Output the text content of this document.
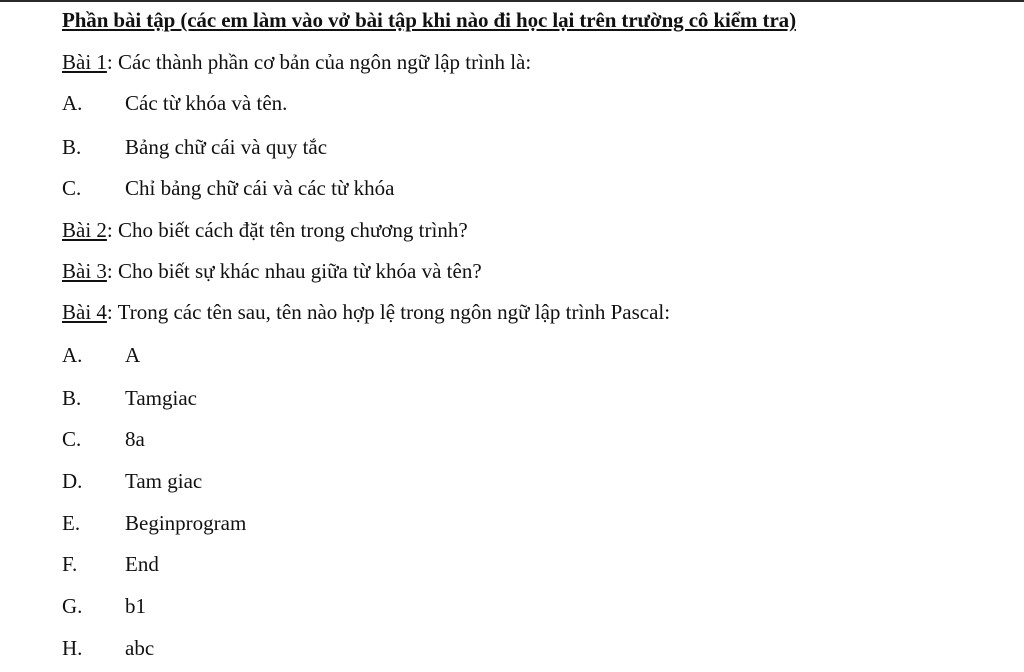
Phần bài tập (các em làm vào vở bài tập khi nào đi học lại trên trường cô kiểm tra)
Bài 1: Các thành phần cơ bản của ngôn ngữ lập trình là:
A. Các từ khóa và tên.
B. Bảng chữ cái và quy tắc
C. Chỉ bảng chữ cái và các từ khóa
Bài 2: Cho biết cách đặt tên trong chương trình?
Bài 3: Cho biết sự khác nhau giữa từ khóa và tên?
Bài 4: Trong các tên sau, tên nào hợp lệ trong ngôn ngữ lập trình Pascal:
A. A
B. Tamgiac
C. 8a
D. Tam giac
E. Beginprogram
F. End
G. b1
H. abc
